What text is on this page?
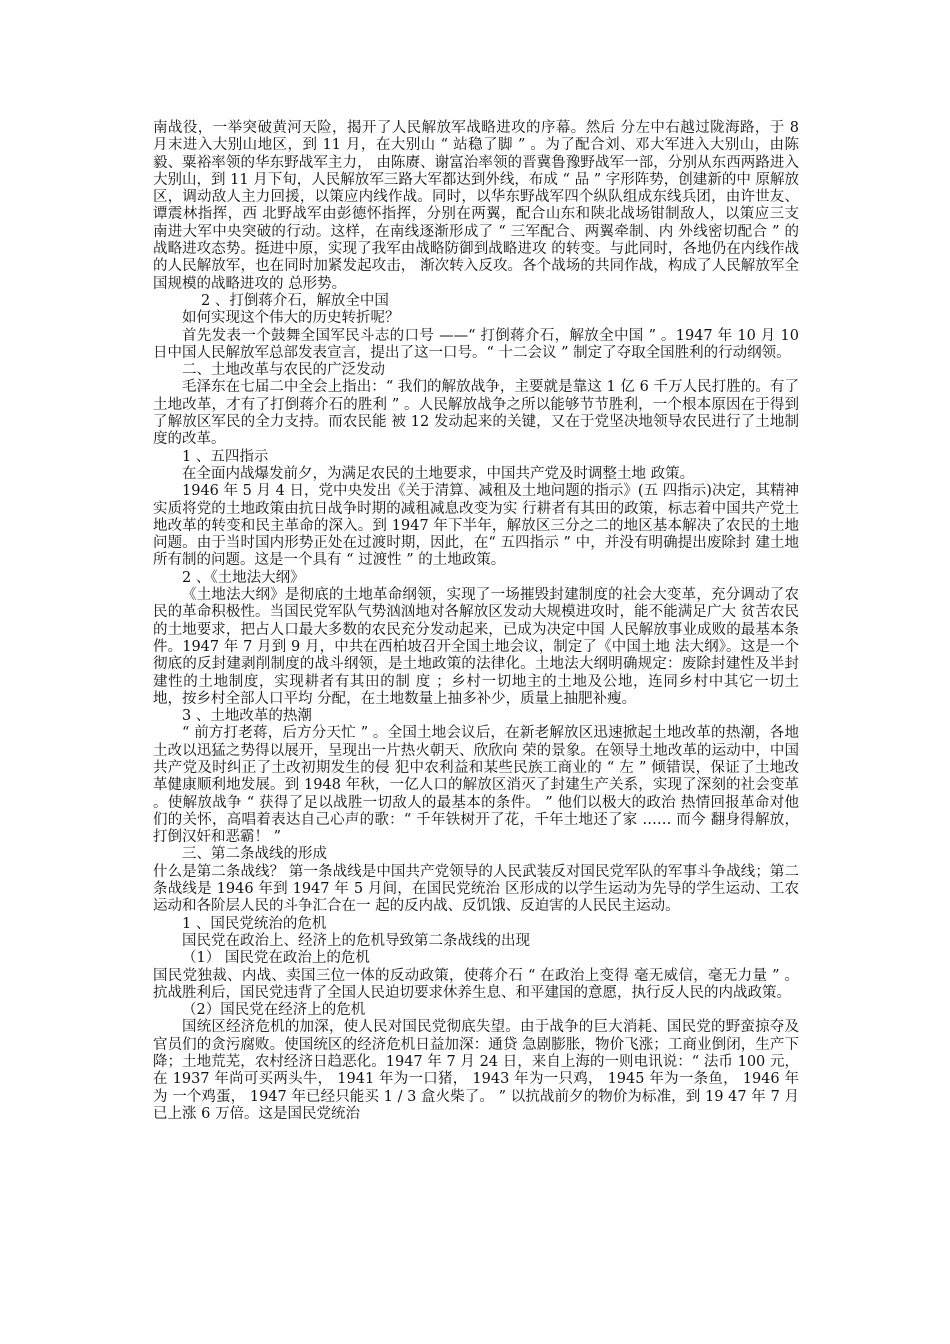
南战役，一举突破黄河天险，揭开了人民解放军战略进攻的序幕。然后 分左中右越过陇海路，于 8 月末进入大别山地区，到 11 月，在大别山 “ 站稳了脚 ” 。为了配合刘、邓大军进入大别山，由陈毅、粟裕率领的华东野战军主力， 由陈赓、谢富治率领的晋冀鲁豫野战军一部，分别从东西两路进入大别山，到 11 月下旬，人民解放军三路大军都达到外线，布成 “ 品 ” 字形阵势，创建新的中 原解放区，调动敌人主力回援，以策应内线作战。同时，以华东野战军四个纵队组成东线兵团，由许世友、谭震林指挥，西 北野战军由彭德怀指挥，分别在两翼，配合山东和陕北战场钳制敌人，以策应三支 南进大军中央突破的行动。这样，在南线逐渐形成了 “ 三军配合、两翼牵制、内 外线密切配合 ” 的战略进攻态势。挺进中原，实现了我军由战略防御到战略进攻 的转变。与此同时，各地仍在内线作战的人民解放军，也在同时加紧发起攻击， 渐次转入反攻。各个战场的共同作战，构成了人民解放军全国规模的战略进攻的 总形势。

2 、打倒蒋介石，解放全中国

如何实现这个伟大的历史转折呢？

首先发表一个鼓舞全国军民斗志的口号 ——“ 打倒蒋介石，解放全中国 ” 。1947 年 10 月 10 日中国人民解放军总部发表宣言，提出了这一口号。“ 十二会议 ” 制定了夺取全国胜利的行动纲领。

二、土地改革与农民的广泛发动

毛泽东在七届二中全会上指出：“ 我们的解放战争，主要就是靠这 1 亿 6 千万人民打胜的。有了土地改革，才有了打倒蒋介石的胜利 ” 。人民解放战争之所以能够节节胜利，一个根本原因在于得到了解放区军民的全力支持。而农民能 被 12 发动起来的关键，又在于党坚决地领导农民进行了土地制度的改革。

1 、五四指示

在全面内战爆发前夕，为满足农民的土地要求，中国共产党及时调整土地 政策。

1946 年 5 月 4 日，党中央发出《关于清算、减租及土地问题的指示》(五 四指示)决定，其精神实质将党的土地政策由抗日战争时期的减租减息改变为实 行耕者有其田的政策，标志着中国共产党土地改革的转变和民主革命的深入。到 1947 年下半年，解放区三分之二的地区基本解决了农民的土地问题。由于当时国内形势正处在过渡时期，因此，在“ 五四指示 ” 中，并没有明确提出废除封 建土地所有制的问题。这是一个具有 “ 过渡性 ” 的土地政策。

2 、《土地法大纲》

《土地法大纲》是彻底的土地革命纲领，实现了一场摧毁封建制度的社会大变革，充分调动了农民的革命积极性。当国民党军队气势汹汹地对各解放区发动大规模进攻时，能不能满足广大 贫苦农民的土地要求，把占人口最大多数的农民充分发动起来，已成为决定中国 人民解放事业成败的最基本条件。1947 年 7 月到 9 月，中共在西柏坡召开全国土地会议，制定了《中国土地 法大纲》。这是一个彻底的反封建剥削制度的战斗纲领，是土地政策的法律化。土地法大纲明确规定：废除封建性及半封建性的土地制度，实现耕者有其田的制 度 ；乡村一切地主的土地及公地，连同乡村中其它一切土地，按乡村全部人口平均 分配，在土地数量上抽多补少，质量上抽肥补瘦。

3 、土地改革的热潮

“ 前方打老蒋，后方分天忙 ” 。全国土地会议后，在新老解放区迅速掀起土地改革的热潮，各地土改以迅猛之势得以展开，呈现出一片热火朝天、欣欣向 荣的景象。在领导土地改革的运动中，中国共产党及时纠正了土改初期发生的侵 犯中农利益和某些民族工商业的 “ 左 ” 倾错误，保证了土地改革健康顺利地发展。到 1948 年秋，一亿人口的解放区消灭了封建生产关系，实现了深刻的社会变革 。使解放战争 “ 获得了足以战胜一切敌人的最基本的条件。 ” 他们以极大的政治 热情回报革命对他们的关怀，高唱着表达自己心声的歌：“ 千年铁树开了花，千年土地还了家 …… 而今 翻身得解放，打倒汉奸和恶霸！ ”

三、第二条战线的形成

什么是第二条战线？ 第一条战线是中国共产党领导的人民武装反对国民党军队的军事斗争战线；第二条战线是 1946 年到 1947 年 5 月间，在国民党统治 区形成的以学生运动为先导的学生运动、工农运动和各阶层人民的斗争汇合在一 起的反内战、反饥饿、反迫害的人民民主运动。

1 、国民党统治的危机

国民党在政治上、经济上的危机导致第二条战线的出现

（1） 国民党在政治上的危机

国民党独裁、内战、卖国三位一体的反动政策，使蒋介石 “ 在政治上变得 毫无威信，毫无力量 ” 。 抗战胜利后，国民党违背了全国人民迫切要求休养生息、和平建国的意愿，执行反人民的内战政策。

（2）国民党在经济上的危机

国统区经济危机的加深，使人民对国民党彻底失望。由于战争的巨大消耗、国民党的野蛮掠夺及官员们的贪污腐败。使国统区的经济危机日益加深：通贷 急剧膨胀，物价飞涨；工商业倒闭，生产下降；土地荒芜，农村经济日趋恶化。1947 年 7 月 24 日，来自上海的一则电讯说：“ 法币 100 元，在 1937 年尚可买两头牛， 1941 年为一口猪， 1943 年为一只鸡， 1945 年为一条鱼， 1946 年为 一个鸡蛋， 1947 年已经只能买 1 / 3 盒火柴了。 ” 以抗战前夕的物价为标准，到 19 47 年 7 月已上涨 6 万倍。这是国民党统治
